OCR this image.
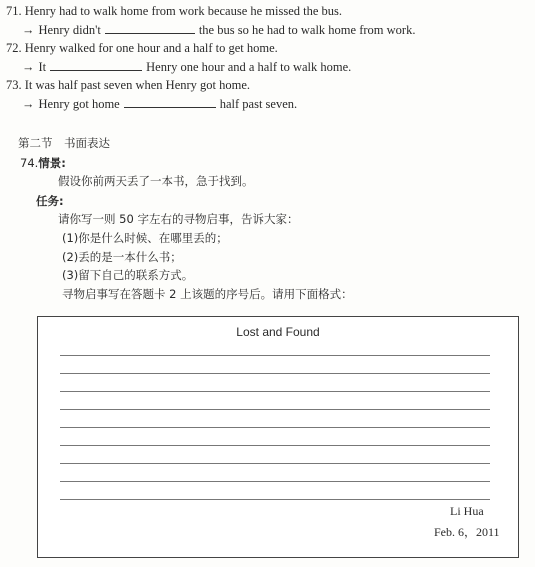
71. Henry had to walk home from work because he missed the bus.
→ Henry didn't	the bus so he had to walk home from work.
72. Henry walked for one hour and a half to get home.
→ It	Henry one hour and a half to walk home.
73. It was half past seven when Henry got home.
→ Henry got home	half past seven.
第二节　书面表达
74.情景:
假设你前两天丢了一本书，急于找到。
任务:
请你写一则 50 字左右的寻物启事，告诉大家：
(1)你是什么时候、在哪里丢的；
(2)丢的是一本什么书；
(3)留下自己的联系方式。
寻物启事写在答题卡 2 上该题的序号后。请用下面格式：
Lost and Found
Li Hua
Feb. 6，2011
